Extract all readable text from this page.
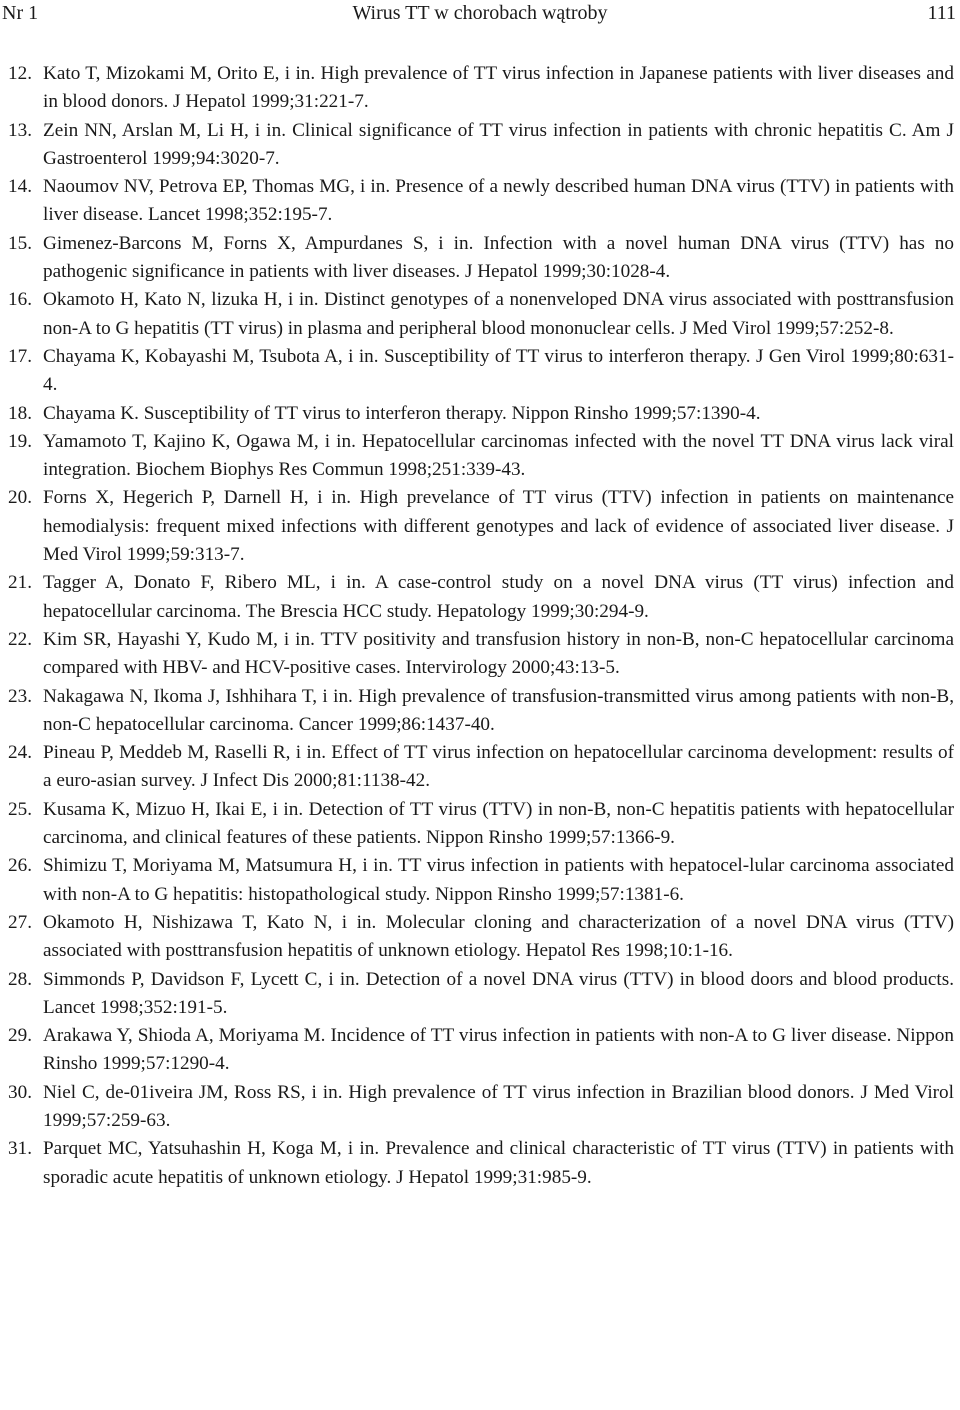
Nr 1	Wirus TT w chorobach wątroby	111
12. Kato T, Mizokami M, Orito E, i in. High prevalence of TT virus infection in Japanese patients with liver diseases and in blood donors. J Hepatol 1999;31:221-7.
13. Zein NN, Arslan M, Li H, i in. Clinical significance of TT virus infection in patients with chronic hepatitis C. Am J Gastroenterol 1999;94:3020-7.
14. Naoumov NV, Petrova EP, Thomas MG, i in. Presence of a newly described human DNA virus (TTV) in patients with liver disease. Lancet 1998;352:195-7.
15. Gimenez-Barcons M, Forns X, Ampurdanes S, i in. Infection with a novel human DNA virus (TTV) has no pathogenic significance in patients with liver diseases. J Hepatol 1999;30:1028-4.
16. Okamoto H, Kato N, lizuka H, i in. Distinct genotypes of a nonenveloped DNA virus associated with posttransfusion non-A to G hepatitis (TT virus) in plasma and peripheral blood mononuclear cells. J Med Virol 1999;57:252-8.
17. Chayama K, Kobayashi M, Tsubota A, i in. Susceptibility of TT virus to interferon therapy. J Gen Virol 1999;80:631-4.
18. Chayama K. Susceptibility of TT virus to interferon therapy. Nippon Rinsho 1999;57:1390-4.
19. Yamamoto T, Kajino K, Ogawa M, i in. Hepatocellular carcinomas infected with the novel TT DNA virus lack viral integration. Biochem Biophys Res Commun 1998;251:339-43.
20. Forns X, Hegerich P, Darnell H, i in. High prevelance of TT virus (TTV) infection in patients on maintenance hemodialysis: frequent mixed infections with different genotypes and lack of evidence of associated liver disease. J Med Virol 1999;59:313-7.
21. Tagger A, Donato F, Ribero ML, i in. A case-control study on a novel DNA virus (TT virus) infection and hepatocellular carcinoma. The Brescia HCC study. Hepatology 1999;30:294-9.
22. Kim SR, Hayashi Y, Kudo M, i in. TTV positivity and transfusion history in non-B, non-C hepatocellular carcinoma compared with HBV- and HCV-positive cases. Intervirology 2000;43:13-5.
23. Nakagawa N, Ikoma J, Ishhihara T, i in. High prevalence of transfusion-transmitted virus among patients with non-B, non-C hepatocellular carcinoma. Cancer 1999;86:1437-40.
24. Pineau P, Meddeb M, Raselli R, i in. Effect of TT virus infection on hepatocellular carcinoma development: results of a euro-asian survey. J Infect Dis 2000;81:1138-42.
25. Kusama K, Mizuo H, Ikai E, i in. Detection of TT virus (TTV) in non-B, non-C hepatitis patients with hepatocellular carcinoma, and clinical features of these patients. Nippon Rinsho 1999;57:1366-9.
26. Shimizu T, Moriyama M, Matsumura H, i in. TT virus infection in patients with hepatocel-lular carcinoma associated with non-A to G hepatitis: histopathological study. Nippon Rinsho 1999;57:1381-6.
27. Okamoto H, Nishizawa T, Kato N, i in. Molecular cloning and characterization of a novel DNA virus (TTV) associated with posttransfusion hepatitis of unknown etiology. Hepatol Res 1998;10:1-16.
28. Simmonds P, Davidson F, Lycett C, i in. Detection of a novel DNA virus (TTV) in blood doors and blood products. Lancet 1998;352:191-5.
29. Arakawa Y, Shioda A, Moriyama M. Incidence of TT virus infection in patients with non-A to G liver disease. Nippon Rinsho 1999;57:1290-4.
30. Niel C, de-01iveira JM, Ross RS, i in. High prevalence of TT virus infection in Brazilian blood donors. J Med Virol 1999;57:259-63.
31. Parquet MC, Yatsuhashin H, Koga M, i in. Prevalence and clinical characteristic of TT virus (TTV) in patients with sporadic acute hepatitis of unknown etiology. J Hepatol 1999;31:985-9.
